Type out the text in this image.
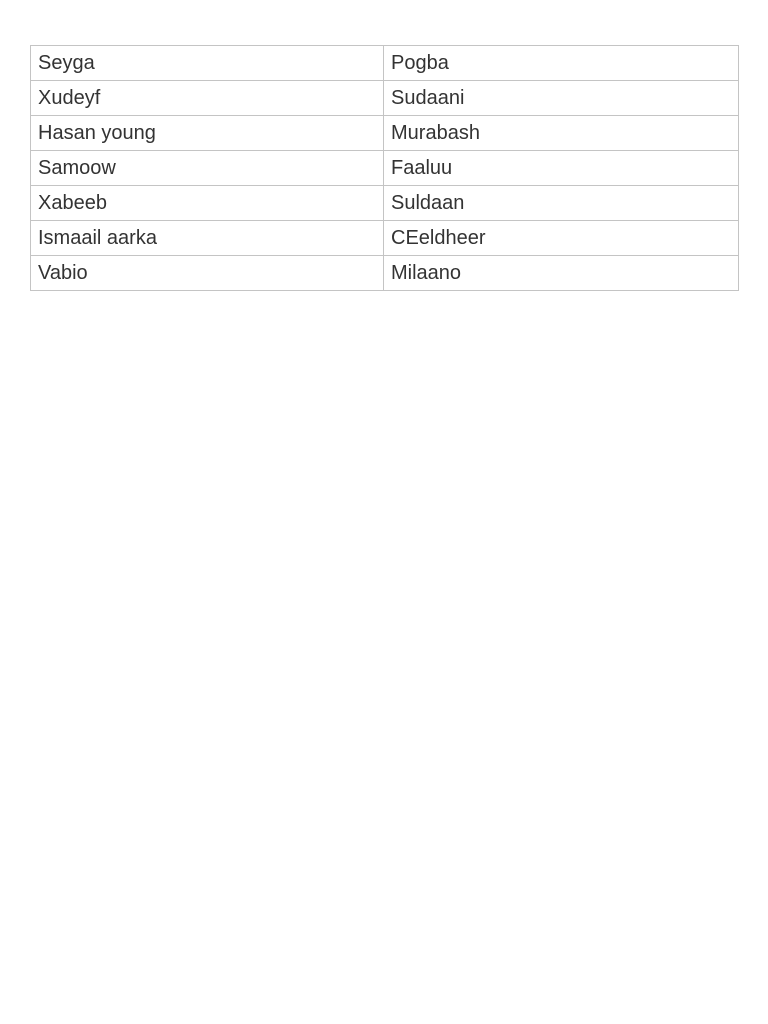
Seyga	Pogba
Xudeyf	Sudaani
Hasan young	Murabash
Samoow	Faaluu
Xabeeb	Suldaan
Ismaail aarka	CEeldheer
Vabio	Milaano
